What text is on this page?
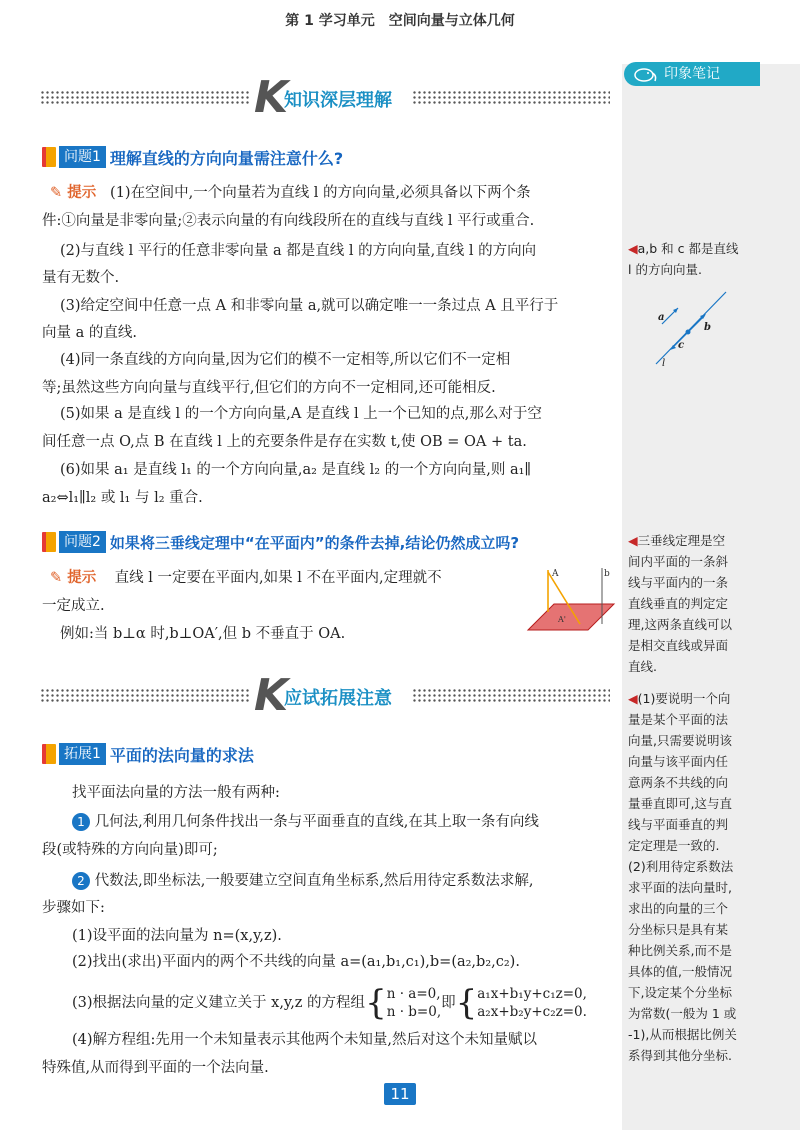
第 1 学习单元　空间向量与立体几何
印象笔记
K
知识深层理解
问题1 理解直线的方向向量需注意什么?
✎ 提示 (1)在空间中,一个向量若为直线 l 的方向向量,必须具备以下两个条
件:①向量是非零向量;②表示向量的有向线段所在的直线与直线 l 平行或重合.
(2)与直线 l 平行的任意非零向量 a 都是直线 l 的方向向量,直线 l 的方向向
量有无数个.
(3)给定空间中任意一点 A 和非零向量 a,就可以确定唯一一条过点 A 且平行于
向量 a 的直线.
(4)同一条直线的方向向量,因为它们的模不一定相等,所以它们不一定相
等;虽然这些方向向量与直线平行,但它们的方向不一定相同,还可能相反.
(5)如果 a 是直线 l 的一个方向向量,A 是直线 l 上一个已知的点,那么对于空
间任意一点 O,点 B 在直线 l 上的充要条件是存在实数 t,使 OB = OA + ta.
(6)如果 a₁ 是直线 l₁ 的一个方向向量,a₂ 是直线 l₂ 的一个方向向量,则 a₁∥
a₂⇔l₁∥l₂ 或 l₁ 与 l₂ 重合.
问题2 如果将三垂线定理中“在平面内”的条件去掉,结论仍然成立吗?
✎ 提示 直线 l 一定要在平面内,如果 l 不在平面内,定理就不
一定成立.
例如:当 b⊥α 时,b⊥OA′,但 b 不垂直于 OA.
A	b
A'
K
应试拓展注意
拓展1 平面的法向量的求法
找平面法向量的方法一般有两种:
1 几何法,利用几何条件找出一条与平面垂直的直线,在其上取一条有向线
段(或特殊的方向向量)即可;
2 代数法,即坐标法,一般要建立空间直角坐标系,然后用待定系数法求解,
步骤如下:
(1)设平面的法向量为 n=(x,y,z).
(2)找出(求出)平面内的两个不共线的向量 a=(a₁,b₁,c₁),b=(a₂,b₂,c₂).
(3)根据法向量的定义建立关于 x,y,z 的方程组{n · a=0,
n · b=0,即{a₁x+b₁y+c₁z=0,
a₂x+b₂y+c₂z=0.
(4)解方程组:先用一个未知量表示其他两个未知量,然后对这个未知量赋以
特殊值,从而得到平面的一个法向量.
◀a,b 和 c 都是直线
l 的方向向量.
a
b
c
l
◀三垂线定理是空
间内平面的一条斜
线与平面内的一条
直线垂直的判定定
理,这两条直线可以
是相交直线或异面
直线.
◀(1)要说明一个向
量是某个平面的法
向量,只需要说明该
向量与该平面内任
意两条不共线的向
量垂直即可,这与直
线与平面垂直的判
定定理是一致的.
(2)利用待定系数法
求平面的法向量时,
求出的向量的三个
分坐标只是具有某
种比例关系,而不是
具体的值,一般情况
下,设定某个分坐标
为常数(一般为 1 或
-1),从而根据比例关
系得到其他分坐标.
11
